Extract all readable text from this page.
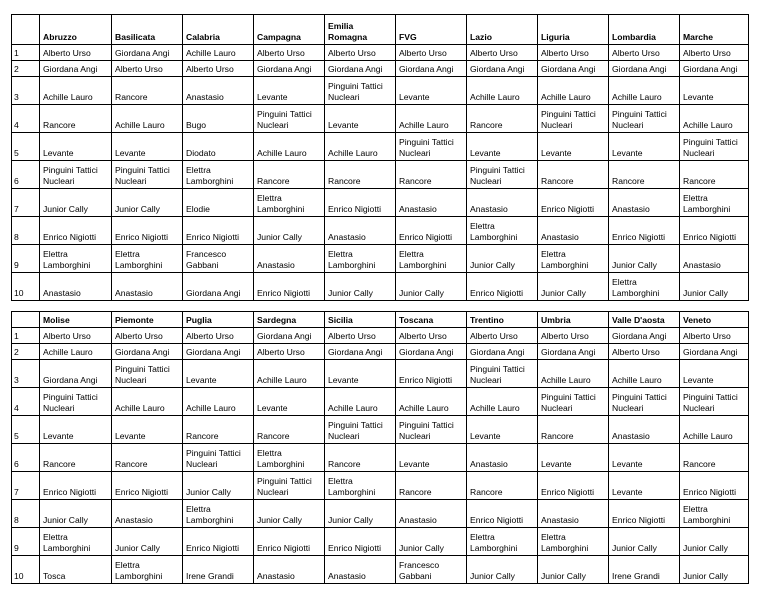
	Abruzzo	Basilicata	Calabria	Campagna	Emilia Romagna	FVG	Lazio	Liguria	Lombardia	Marche
1	Alberto Urso	Giordana Angi	Achille Lauro	Alberto Urso	Alberto Urso	Alberto Urso	Alberto Urso	Alberto Urso	Alberto Urso	Alberto Urso
2	Giordana Angi	Alberto Urso	Alberto Urso	Giordana Angi	Giordana Angi	Giordana Angi	Giordana Angi	Giordana Angi	Giordana Angi	Giordana Angi
3	Achille Lauro	Rancore	Anastasio	Levante	Pinguini Tattici Nucleari	Levante	Achille Lauro	Achille Lauro	Achille Lauro	Levante
4	Rancore	Achille Lauro	Bugo	Pinguini Tattici Nucleari	Levante	Achille Lauro	Rancore	Pinguini Tattici Nucleari	Pinguini Tattici Nucleari	Achille Lauro
5	Levante	Levante	Diodato	Achille Lauro	Achille Lauro	Pinguini Tattici Nucleari	Levante	Levante	Levante	Pinguini Tattici Nucleari
6	Pinguini Tattici Nucleari	Pinguini Tattici Nucleari	Elettra Lamborghini	Rancore	Rancore	Rancore	Pinguini Tattici Nucleari	Rancore	Rancore	Rancore
7	Junior Cally	Junior Cally	Elodie	Elettra Lamborghini	Enrico Nigiotti	Anastasio	Anastasio	Enrico Nigiotti	Anastasio	Elettra Lamborghini
8	Enrico Nigiotti	Enrico Nigiotti	Enrico Nigiotti	Junior Cally	Anastasio	Enrico Nigiotti	Elettra Lamborghini	Anastasio	Enrico Nigiotti	Enrico Nigiotti
9	Elettra Lamborghini	Elettra Lamborghini	Francesco Gabbani	Anastasio	Elettra Lamborghini	Elettra Lamborghini	Junior Cally	Elettra Lamborghini	Junior Cally	Anastasio
10	Anastasio	Anastasio	Giordana Angi	Enrico Nigiotti	Junior Cally	Junior Cally	Enrico Nigiotti	Junior Cally	Elettra Lamborghini	Junior Cally
	Molise	Piemonte	Puglia	Sardegna	Sicilia	Toscana	Trentino	Umbria	Valle D'aosta	Veneto
1	Alberto Urso	Alberto Urso	Alberto Urso	Giordana Angi	Alberto Urso	Alberto Urso	Alberto Urso	Alberto Urso	Giordana Angi	Alberto Urso
2	Achille Lauro	Giordana Angi	Giordana Angi	Alberto Urso	Giordana Angi	Giordana Angi	Giordana Angi	Giordana Angi	Alberto Urso	Giordana Angi
3	Giordana Angi	Pinguini Tattici Nucleari	Levante	Achille Lauro	Levante	Enrico Nigiotti	Pinguini Tattici Nucleari	Achille Lauro	Achille Lauro	Levante
4	Pinguini Tattici Nucleari	Achille Lauro	Achille Lauro	Levante	Achille Lauro	Achille Lauro	Achille Lauro	Pinguini Tattici Nucleari	Pinguini Tattici Nucleari	Pinguini Tattici Nucleari
5	Levante	Levante	Rancore	Rancore	Pinguini Tattici Nucleari	Pinguini Tattici Nucleari	Levante	Rancore	Anastasio	Achille Lauro
6	Rancore	Rancore	Pinguini Tattici Nucleari	Elettra Lamborghini	Rancore	Levante	Anastasio	Levante	Levante	Rancore
7	Enrico Nigiotti	Enrico Nigiotti	Junior Cally	Pinguini Tattici Nucleari	Elettra Lamborghini	Rancore	Rancore	Enrico Nigiotti	Levante	Enrico Nigiotti
8	Junior Cally	Anastasio	Elettra Lamborghini	Junior Cally	Junior Cally	Anastasio	Enrico Nigiotti	Anastasio	Enrico Nigiotti	Elettra Lamborghini
9	Elettra Lamborghini	Junior Cally	Enrico Nigiotti	Enrico Nigiotti	Enrico Nigiotti	Junior Cally	Elettra Lamborghini	Elettra Lamborghini	Junior Cally	Junior Cally
10	Tosca	Elettra Lamborghini	Irene Grandi	Anastasio	Anastasio	Francesco Gabbani	Junior Cally	Junior Cally	Irene Grandi	Junior Cally
